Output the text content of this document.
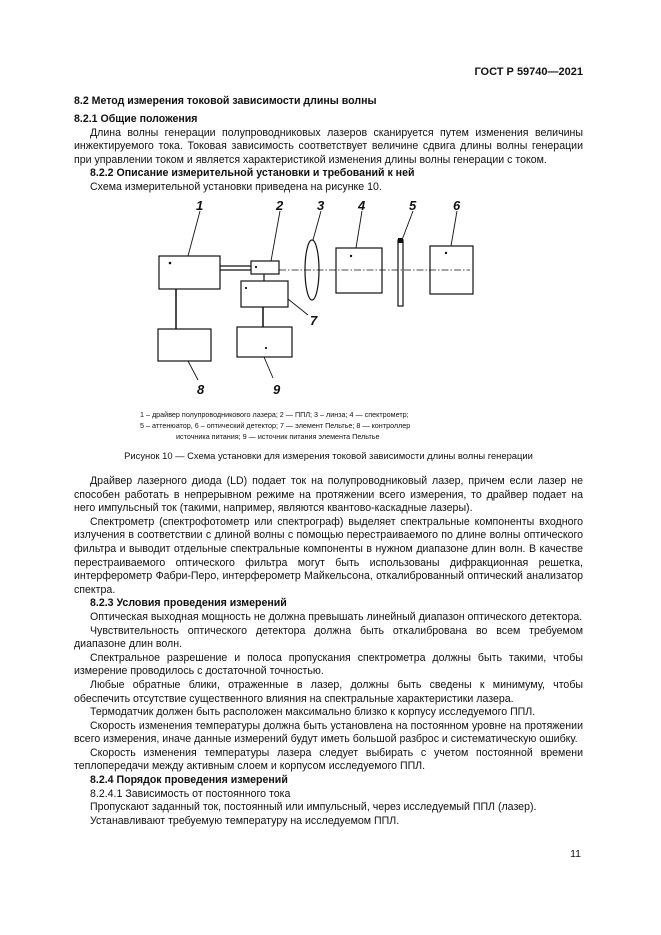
ГОСТ Р 59740—2021
8.2 Метод измерения токовой зависимости длины волны

8.2.1 Общие положения

Длина волны генерации полупроводниковых лазеров сканируется путем изменения величины инжектируемого тока. Токовая зависимость соответствует величине сдвига длины волны генерации при управлении током и является характеристикой изменения длины волны генерации с током.

8.2.2 Описание измерительной установки и требований к ней

Схема измерительной установки приведена на рисунке 10.

1	2	3	4	5	6
7
8	9
1 – драйвер полупроводникового лазера; 2 — ППЛ; 3 – линза; 4 — спектрометр;
5 – аттенюатор, 6 – оптический детектор; 7 — элемент Пельтье; 8 — контроллер
источника питания; 9 — источник питания элемента Пельтье
Рисунок 10 — Схема установки для измерения токовой зависимости длины волны генерации

Драйвер лазерного диода (LD) подает ток на полупроводниковый лазер, причем если лазер не способен работать в непрерывном режиме на протяжении всего измерения, то драйвер подает на него импульсный ток (такими, например, являются квантово-каскадные лазеры).

Спектрометр (спектрофотометр или спектрограф) выделяет спектральные компоненты входного излучения в соответствии с длиной волны с помощью перестраиваемого по длине волны оптического фильтра и выводит отдельные спектральные компоненты в нужном диапазоне длин волн. В качестве перестраиваемого оптического фильтра могут быть использованы дифракционная решетка, интерферометр Фабри-Перо, интерферометр Майкельсона, откалиброванный оптический анализатор спектра.

8.2.3 Условия проведения измерений

Оптическая выходная мощность не должна превышать линейный диапазон оптического детектора.

Чувствительность оптического детектора должна быть откалибрована во всем требуемом диапазоне длин волн.

Спектральное разрешение и полоса пропускания спектрометра должны быть такими, чтобы измерение проводилось с достаточной точностью.

Любые обратные блики, отраженные в лазер, должны быть сведены к минимуму, чтобы обеспечить отсутствие существенного влияния на спектральные характеристики лазера.

Термодатчик должен быть расположен максимально близко к корпусу исследуемого ППЛ.

Скорость изменения температуры должна быть установлена на постоянном уровне на протяжении всего измерения, иначе данные измерений будут иметь большой разброс и систематическую ошибку.

Скорость изменения температуры лазера следует выбирать с учетом постоянной времени теплопередачи между активным слоем и корпусом исследуемого ППЛ.

8.2.4 Порядок проведения измерений

8.2.4.1 Зависимость от постоянного тока

Пропускают заданный ток, постоянный или импульсный, через исследуемый ППЛ (лазер).

Устанавливают требуемую температуру на исследуемом ППЛ.

11
